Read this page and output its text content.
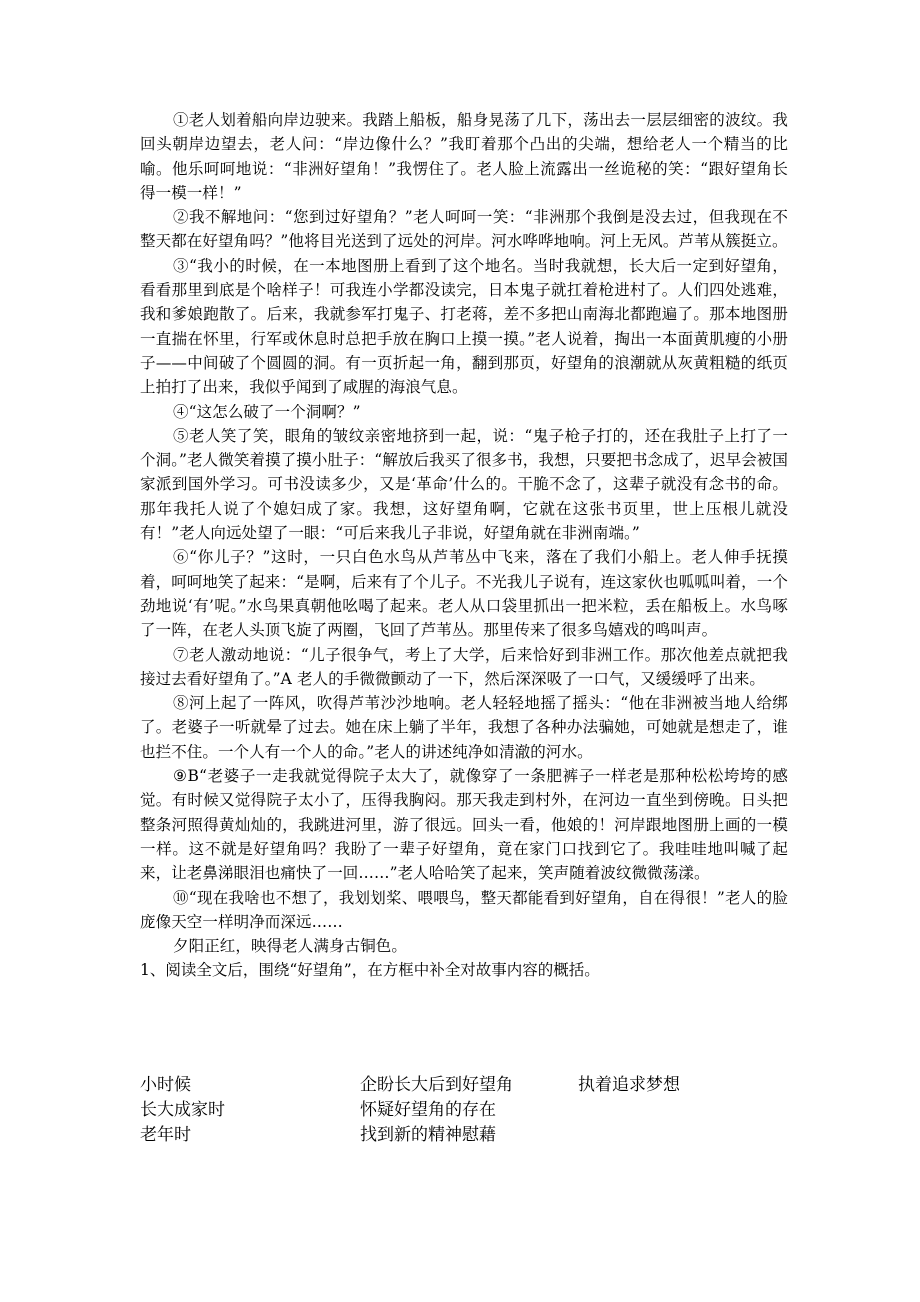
①老人划着船向岸边驶来。我踏上船板，船身晃荡了几下，荡出去一层层细密的波纹。我回头朝岸边望去，老人问：“岸边像什么？”我盯着那个凸出的尖端，想给老人一个精当的比喻。他乐呵呵地说：“非洲好望角！”我愣住了。老人脸上流露出一丝诡秘的笑：“跟好望角长得一模一样！”

②我不解地问：“您到过好望角？”老人呵呵一笑：“非洲那个我倒是没去过，但我现在不整天都在好望角吗？”他将目光送到了远处的河岸。河水哗哗地响。河上无风。芦苇从簇挺立。

③“我小的时候，在一本地图册上看到了这个地名。当时我就想，长大后一定到好望角，看看那里到底是个啥样子！可我连小学都没读完，日本鬼子就扛着枪进村了。人们四处逃难，我和爹娘跑散了。后来，我就参军打鬼子、打老蒋，差不多把山南海北都跑遍了。那本地图册一直揣在怀里，行军或休息时总把手放在胸口上摸一摸。”老人说着，掏出一本面黄肌瘦的小册子——中间破了个圆圆的洞。有一页折起一角，翻到那页，好望角的浪潮就从灰黄粗糙的纸页上拍打了出来，我似乎闻到了咸腥的海浪气息。

④“这怎么破了一个洞啊？”

⑤老人笑了笑，眼角的皱纹亲密地挤到一起，说：“鬼子枪子打的，还在我肚子上打了一个洞。”老人微笑着摸了摸小肚子：“解放后我买了很多书，我想，只要把书念成了，迟早会被国家派到国外学习。可书没读多少，又是‘革命’什么的。干脆不念了，这辈子就没有念书的命。那年我托人说了个媳妇成了家。我想，这好望角啊，它就在这张书页里，世上压根儿就没有！”老人向远处望了一眼：“可后来我儿子非说，好望角就在非洲南端。”

⑥“你儿子？”这时，一只白色水鸟从芦苇丛中飞来，落在了我们小船上。老人伸手抚摸着，呵呵地笑了起来：“是啊，后来有了个儿子。不光我儿子说有，连这家伙也呱呱叫着，一个劲地说‘有’呢。”水鸟果真朝他吆喝了起来。老人从口袋里抓出一把米粒，丢在船板上。水鸟啄了一阵，在老人头顶飞旋了两圈，飞回了芦苇丛。那里传来了很多鸟嬉戏的鸣叫声。

⑦老人激动地说：“儿子很争气，考上了大学，后来恰好到非洲工作。那次他差点就把我接过去看好望角了。”A 老人的手微微颤动了一下，然后深深吸了一口气，又缓缓呼了出来。

⑧河上起了一阵风，吹得芦苇沙沙地响。老人轻轻地摇了摇头：“他在非洲被当地人给绑了。老婆子一听就晕了过去。她在床上躺了半年，我想了各种办法骗她，可她就是想走了，谁也拦不住。一个人有一个人的命。”老人的讲述纯净如清澈的河水。

⑨B“老婆子一走我就觉得院子太大了，就像穿了一条肥裤子一样老是那种松松垮垮的感觉。有时候又觉得院子太小了，压得我胸闷。那天我走到村外，在河边一直坐到傍晚。日头把整条河照得黄灿灿的，我跳进河里，游了很远。回头一看，他娘的！河岸跟地图册上画的一模一样。这不就是好望角吗？我盼了一辈子好望角，竟在家门口找到它了。我哇哇地叫喊了起来，让老鼻涕眼泪也痛快了一回……”老人哈哈笑了起来，笑声随着波纹微微荡漾。

⑩“现在我啥也不想了，我划划桨、喂喂鸟，整天都能看到好望角，自在得很！”老人的脸庞像天空一样明净而深远……

夕阳正红，映得老人满身古铜色。

1、阅读全文后，围绕“好望角”，在方框中补全对故事内容的概括。

小时候	企盼长大后到好望角	执着追求梦想
长大成家时	怀疑好望角的存在
老年时	找到新的精神慰藉
